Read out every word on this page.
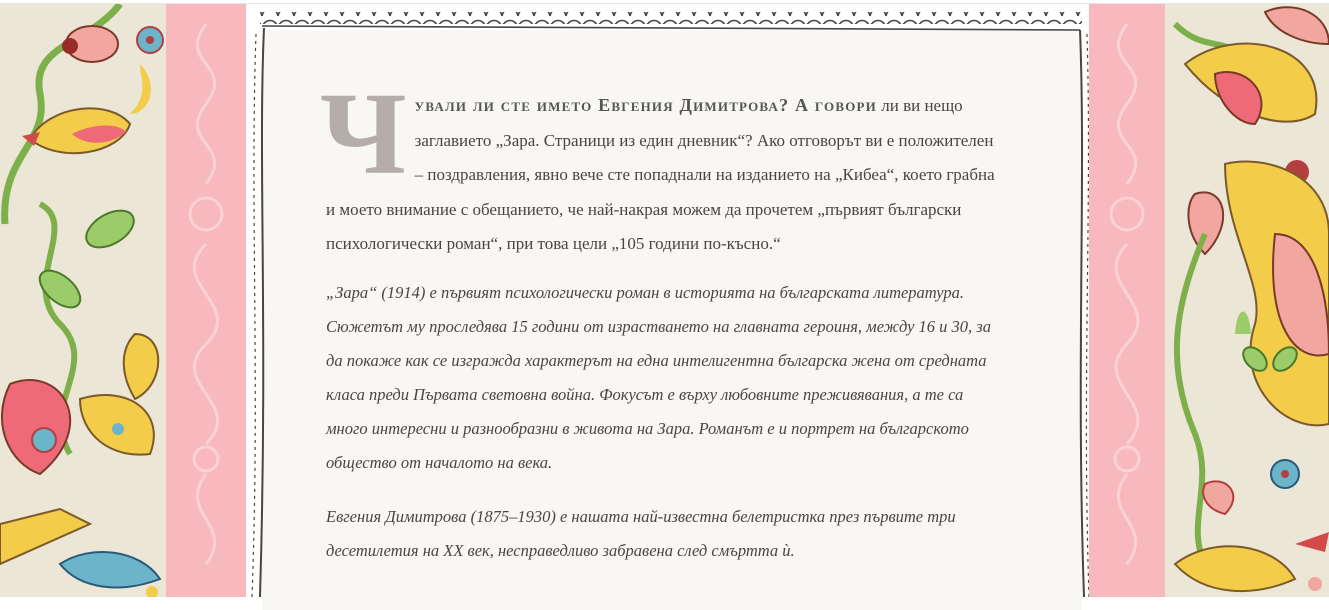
Чували ли сте името Евгения Димитрова? А говори ли ви нещо заглавието „Зара. Страници из един дневник“? Ако отговорът ви е положителен – поздравления, явно вече сте попаднали на изданието на „Кибеа“, което грабна и моето внимание с обещанието, че най-накрая можем да прочетем „първият български психологически роман“, при това цели „105 години по-късно.“

„Зара“ (1914) е първият психологически роман в историята на българската литература. Сюжетът му проследява 15 години от израстването на главната героиня, между 16 и 30, за да покаже как се изгражда характерът на една интелигентна българска жена от средната класа преди Първата световна война. Фокусът е върху любовните преживявания, а те са много интересни и разнообразни в живота на Зара. Романът е и портрет на българското общество от началото на века.

Евгения Димитрова (1875–1930) е нашата най-известна белетристка през първите три десетилетия на XX век, несправедливо забравена след смъртта ѝ.
